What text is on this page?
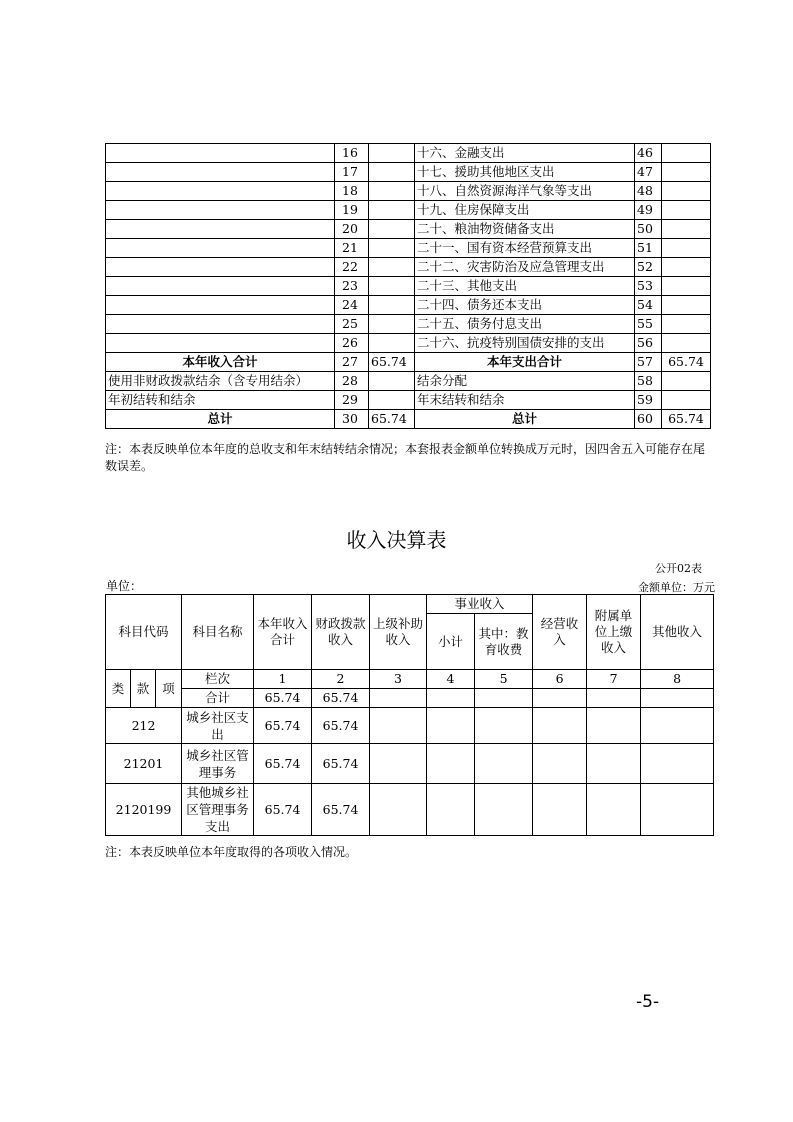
	16		十六、金融支出	46	
	17		十七、援助其他地区支出	47	
	18		十八、自然资源海洋气象等支出	48	
	19		十九、住房保障支出	49	
	20		二十、粮油物资储备支出	50	
	21		二十一、国有资本经营预算支出	51	
	22		二十二、灾害防治及应急管理支出	52	
	23		二十三、其他支出	53	
	24		二十四、债务还本支出	54	
	25		二十五、债务付息支出	55	
	26		二十六、抗疫特别国债安排的支出	56	
本年收入合计	27	65.74	本年支出合计	57	65.74
使用非财政拨款结余（含专用结余）	28		结余分配	58	
年初结转和结余	29		年末结转和结余	59	
总计	30	65.74	总计	60	65.74
注：本表反映单位本年度的总收支和年末结转结余情况；本套报表金额单位转换成万元时，因四舍五入可能存在尾数误差。
收入决算表
公开02表
单位：	金额单位：万元
科目代码			科目名称	本年收入合计	财政拨款收入	上级补助收入	事业收入		经营收入	附属单位上缴收入	其他收入
							小计	其中：教育收费			

类	款	项	栏次	1	2	3	4	5	6	7	8
			合计	65.74	65.74						
212			城乡社区支出	65.74	65.74						
21201			城乡社区管理事务	65.74	65.74						
2120199			其他城乡社区管理事务支出	65.74	65.74						
注：本表反映单位本年度取得的各项收入情况。
-5-
